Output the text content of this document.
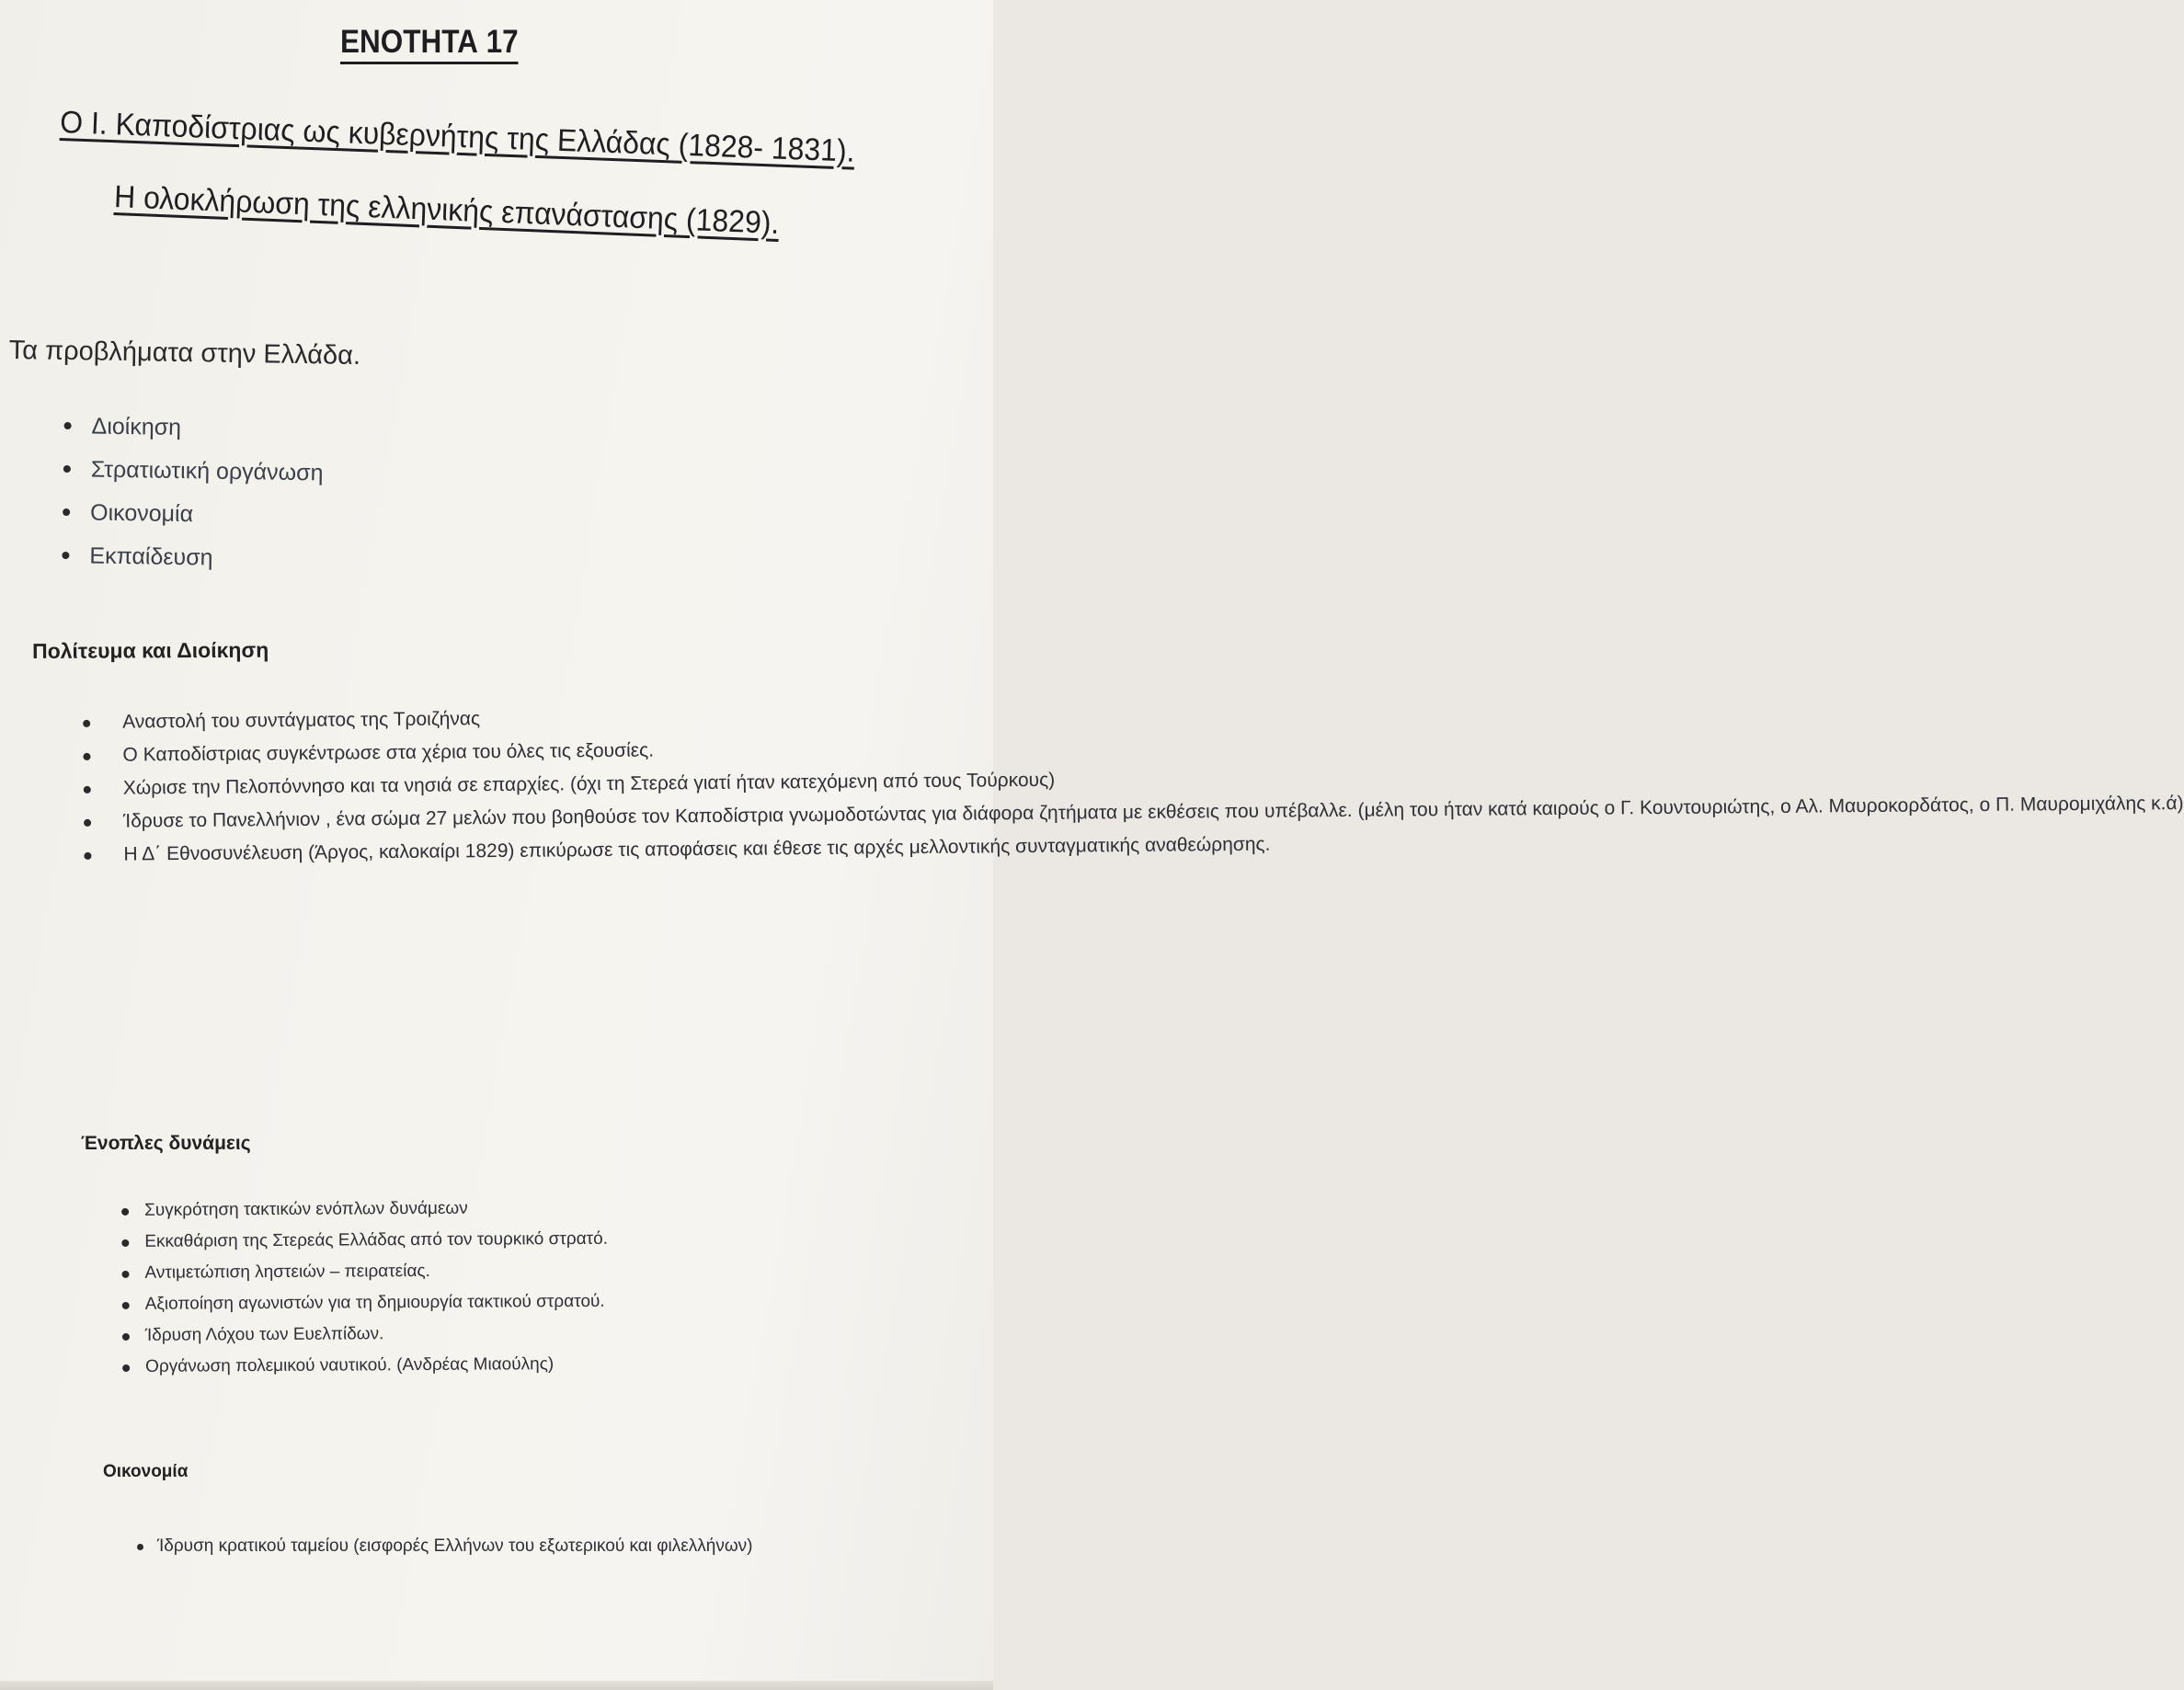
ΕΝΟΤΗΤΑ 17
Ο Ι. Καποδίστριας ως κυβερνήτης της Ελλάδας (1828- 1831).
Η ολοκλήρωση της ελληνικής επανάστασης (1829).
Τα προβλήματα στην Ελλάδα.
Διοίκηση
Στρατιωτική οργάνωση
Οικονομία
Εκπαίδευση
Πολίτευμα και Διοίκηση
Αναστολή του συντάγματος της Τροιζήνας
Ο Καποδίστριας συγκέντρωσε στα χέρια του όλες τις εξουσίες.
Χώρισε την Πελοπόννησο και τα νησιά σε επαρχίες. (όχι τη Στερεά γιατί ήταν κατεχόμενη από τους Τούρκους)
Ίδρυσε το Πανελλήνιον , ένα σώμα 27 μελών που βοηθούσε τον Καποδίστρια γνωμοδοτώντας για διάφορα ζητήματα με εκθέσεις που υπέβαλλε. (μέλη του ήταν κατά καιρούς ο Γ. Κουντουριώτης, ο Αλ. Μαυροκορδάτος, ο Π. Μαυρομιχάλης κ.ά)
Η Δ΄ Εθνοσυνέλευση (Άργος, καλοκαίρι 1829) επικύρωσε τις αποφάσεις και έθεσε τις αρχές μελλοντικής συνταγματικής αναθεώρησης.
Ένοπλες δυνάμεις
Συγκρότηση τακτικών ενόπλων δυνάμεων
Εκκαθάριση της Στερεάς Ελλάδας από τον τουρκικό στρατό.
Αντιμετώπιση ληστειών – πειρατείας.
Αξιοποίηση αγωνιστών για τη δημιουργία τακτικού στρατού.
Ίδρυση Λόχου των Ευελπίδων.
Οργάνωση πολεμικού ναυτικού. (Ανδρέας Μιαούλης)
Οικονομία
Ίδρυση κρατικού ταμείου (εισφορές Ελλήνων του εξωτερικού και φιλελλήνων)
